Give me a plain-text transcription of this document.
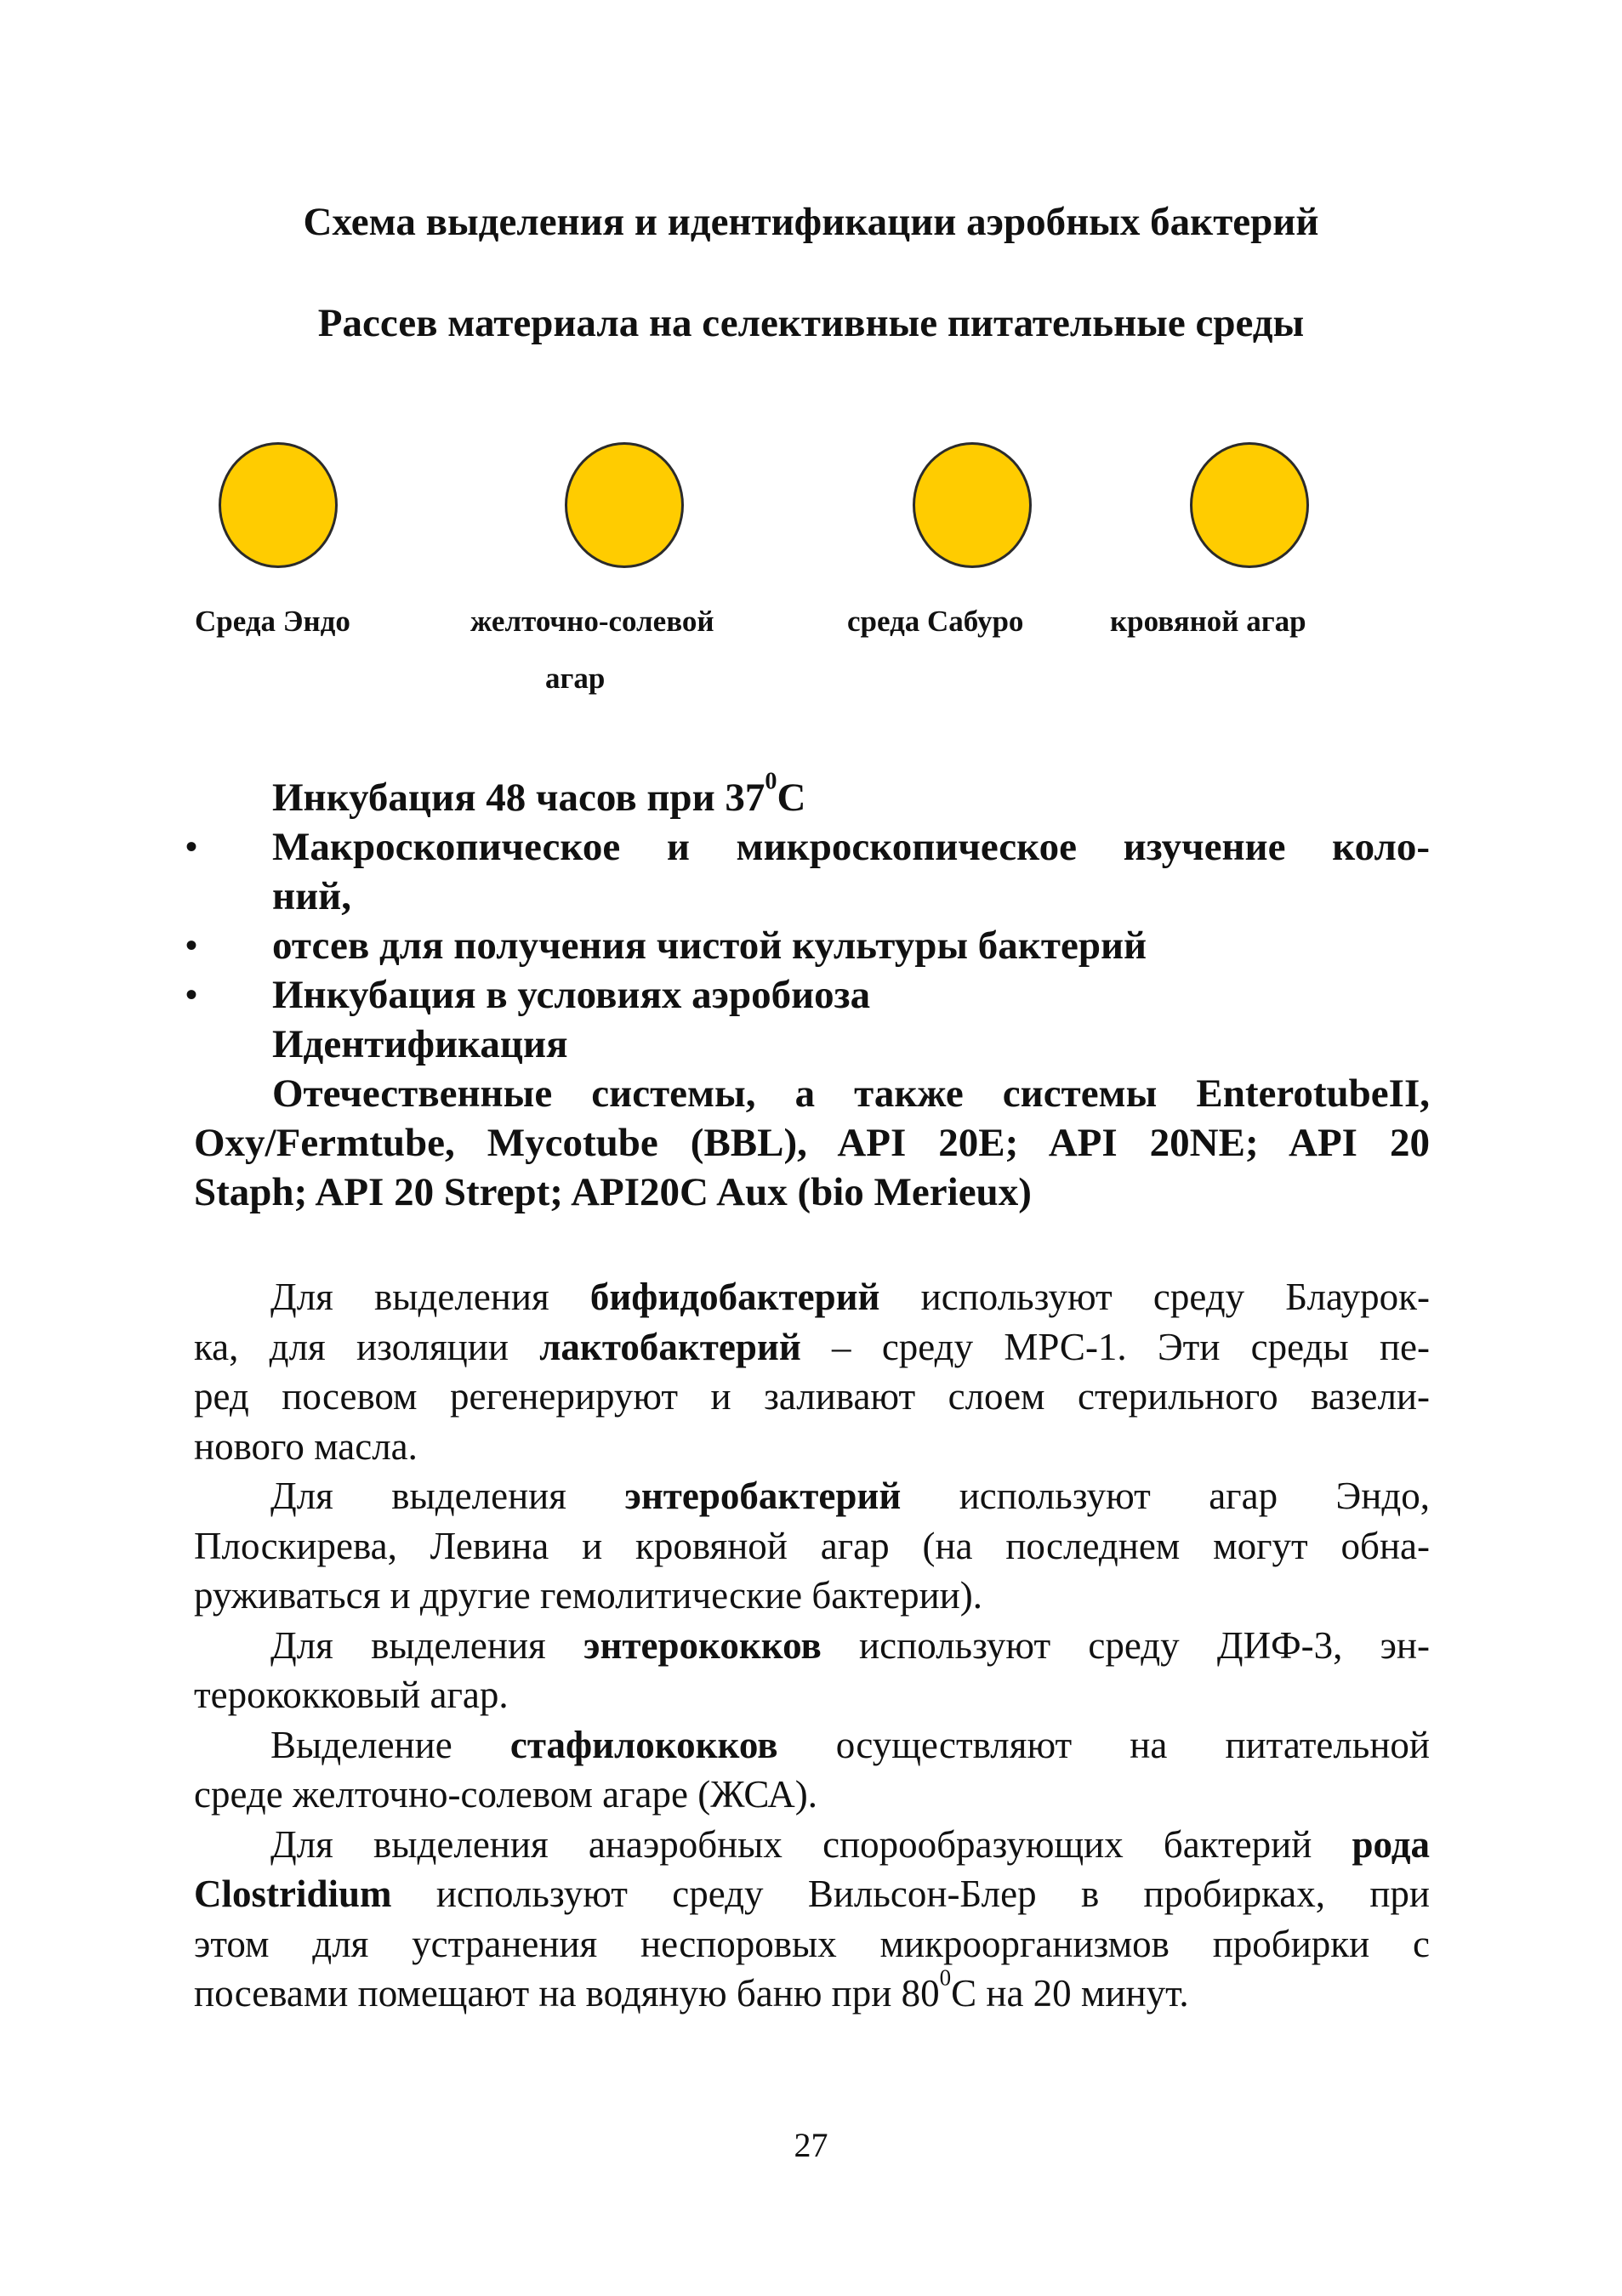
Схема выделения и идентификации аэробных бактерий
Рассев материала на селективные питательные среды
Среда Эндо	желточно-солевой
агар
среда Сабуро	кровяной агар
•
•
•
Инкубация 48 часов при $37^0С$
Макроскопическое и микроскопическое изучение коло-
ний,
отсев для получения чистой культуры бактерий
Инкубация в условиях аэробиоза
Идентификация
Отечественные системы, а также системы EnterotubeII,
Oxy/Fermtube, Mycotube (BBL), API 20E; API 20NE; API 20
Staph; API 20 Strept; API20C Aux (bio Merieux)
Для выделения бифидобактерий используют среду Блаурок-
ка, для изоляции лактобактерий – среду МРС-1. Эти среды пе-
ред посевом регенерируют и заливают слоем стерильного вазели-
нового масла.
Для выделения энтеробактерий используют агар Эндо,
Плоскирева, Левина и кровяной агар (на последнем могут обна-
руживаться и другие гемолитические бактерии).
Для выделения энтерококков используют среду ДИФ-3, эн-
терококковый агар.
Выделение стафилококков осуществляют на питательной
среде желточно-солевом агаре (ЖСА).
Для выделения анаэробных спорообразующих бактерий рода
Clostridium используют среду Вильсон-Блер в пробирках, при
этом для устранения неспоровых микроорганизмов пробирки с
посевами помещают на водяную баню при $80^0С$ на 20 минут.
27
